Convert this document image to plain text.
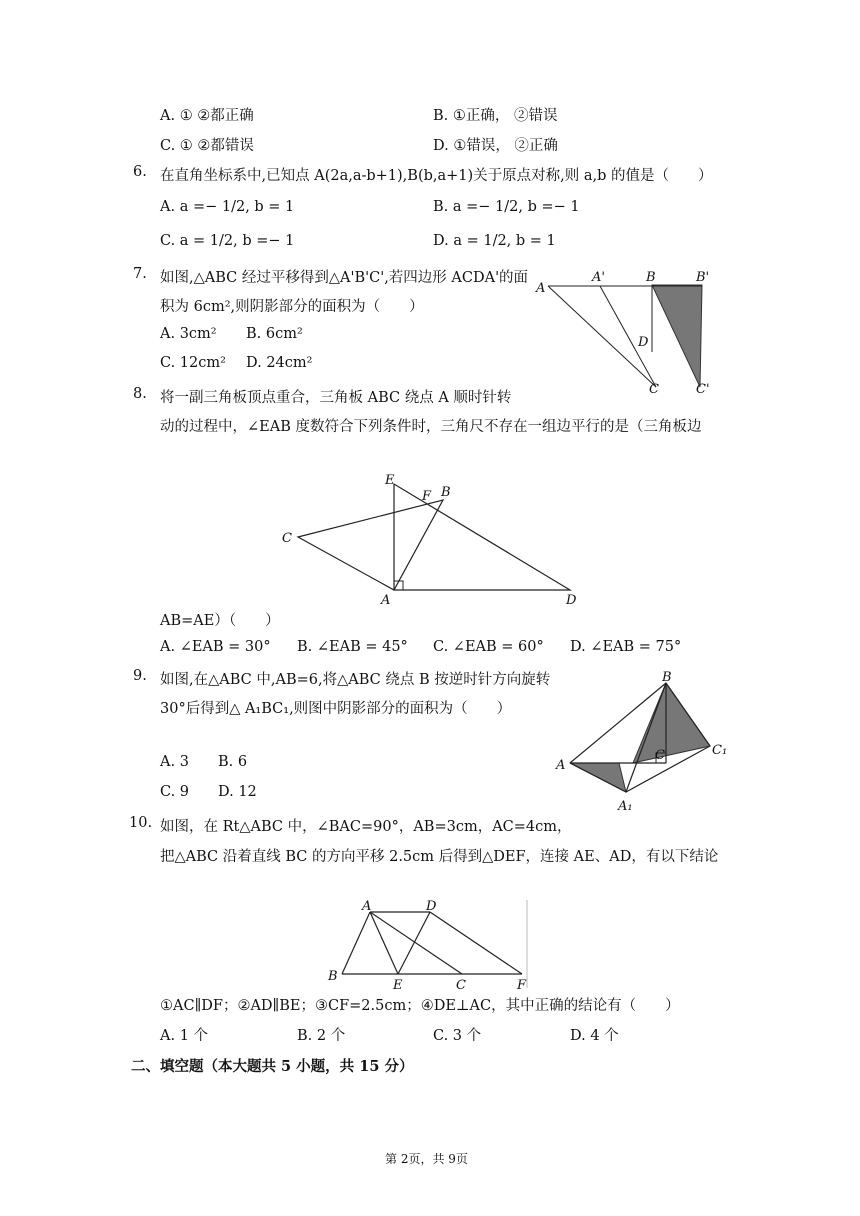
A. ① ②都正确	B. ①正确， ②错误
C. ① ②都错误	D. ①错误， ②正确
6. 在直角坐标系中,已知点 A(2a,a-b+1),B(b,a+1)关于原点对称,则 a,b 的值是（　　）
A. a =− 1/2, b = 1	B. a =− 1/2, b =− 1
C. a = 1/2, b =− 1	D. a = 1/2, b = 1
7. 如图,△ABC 经过平移得到△A'B'C',若四边形 ACDA'的面
积为 6cm²,则阴影部分的面积为（　　）
A. 3cm² B. 6cm²
C. 12cm² D. 24cm²
A
A'	B	B'
D
C	C'
8. 将一副三角板顶点重合，三角板 ABC 绕点 A 顺时针转
动的过程中，∠EAB 度数符合下列条件时，三角尺不存在一组边平行的是（三角板边
E
F B
C
A	D
AB=AE）（　　）
A. ∠EAB = 30° B. ∠EAB = 45° C. ∠EAB = 60° D. ∠EAB = 75°
9. 如图,在△ABC 中,AB=6,将△ABC 绕点 B 按逆时针方向旋转
30°后得到△ A₁BC₁,则图中阴影部分的面积为（　　）
A. 3 B. 6
C. 9 D. 12
B
A
C	C₁
A₁
10. 如图，在 Rt△ABC 中，∠BAC=90°，AB=3cm，AC=4cm，
把△ABC 沿着直线 BC 的方向平移 2.5cm 后得到△DEF，连接 AE、AD，有以下结论
A	D
B
E	C	F
①AC∥DF；②AD∥BE；③CF=2.5cm；④DE⊥AC，其中正确的结论有（　　）
A. 1 个	B. 2 个	C. 3 个	D. 4 个
二、填空题（本大题共 5 小题，共 15 分）
第 2页，共 9页
